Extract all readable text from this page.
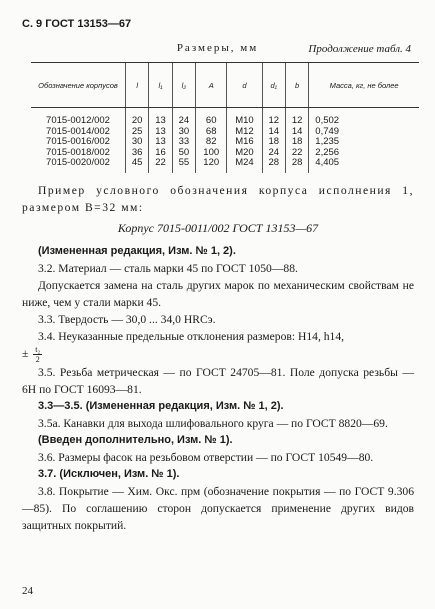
С. 9 ГОСТ 13153—67
Размеры, мм	Продолжение табл. 4
Обозначение корпусов	l	l₁	l₂	A	d	d₁	b	Масса, кг, не более
7015-0012/002	20	13	24	60	M10	12	12	0,502
7015-0014/002	25	13	30	68	M12	14	14	0,749
7015-0016/002	30	13	33	82	M16	18	18	1,235
7015-0018/002	36	16	50	100	M20	24	22	2,256
7015-0020/002	45	22	55	120	M24	28	28	4,405

Пример условного обозначения корпуса исполнения 1, размером B=32 мм:

Корпус 7015-0011/002 ГОСТ 13153—67

(Измененная редакция, Изм. № 1, 2).

3.2. Материал — сталь марки 45 по ГОСТ 1050—88.

Допускается замена на сталь других марок по механическим свойствам не ниже, чем у стали марки 45.

3.3. Твердость — 30,0 ... 34,0 HRCэ.

3.4. Неуказанные предельные отклонения размеров: H14, h14,

± $\frac{\text{t₂}}{2}$

3.5. Резьба метрическая — по ГОСТ 24705—81. Поле допуска резьбы — 6H по ГОСТ 16093—81.

3.3—3.5. (Измененная редакция, Изм. № 1, 2).

3.5а. Канавки для выхода шлифовального круга — по ГОСТ 8820—69.

(Введен дополнительно, Изм. № 1).

3.6. Размеры фасок на резьбовом отверстии — по ГОСТ 10549—80.

3.7. (Исключен, Изм. № 1).

3.8. Покрытие — Хим. Окс. прм (обозначение покрытия — по ГОСТ 9.306—85). По соглашению сторон допускается применение других видов защитных покрытий.

24
